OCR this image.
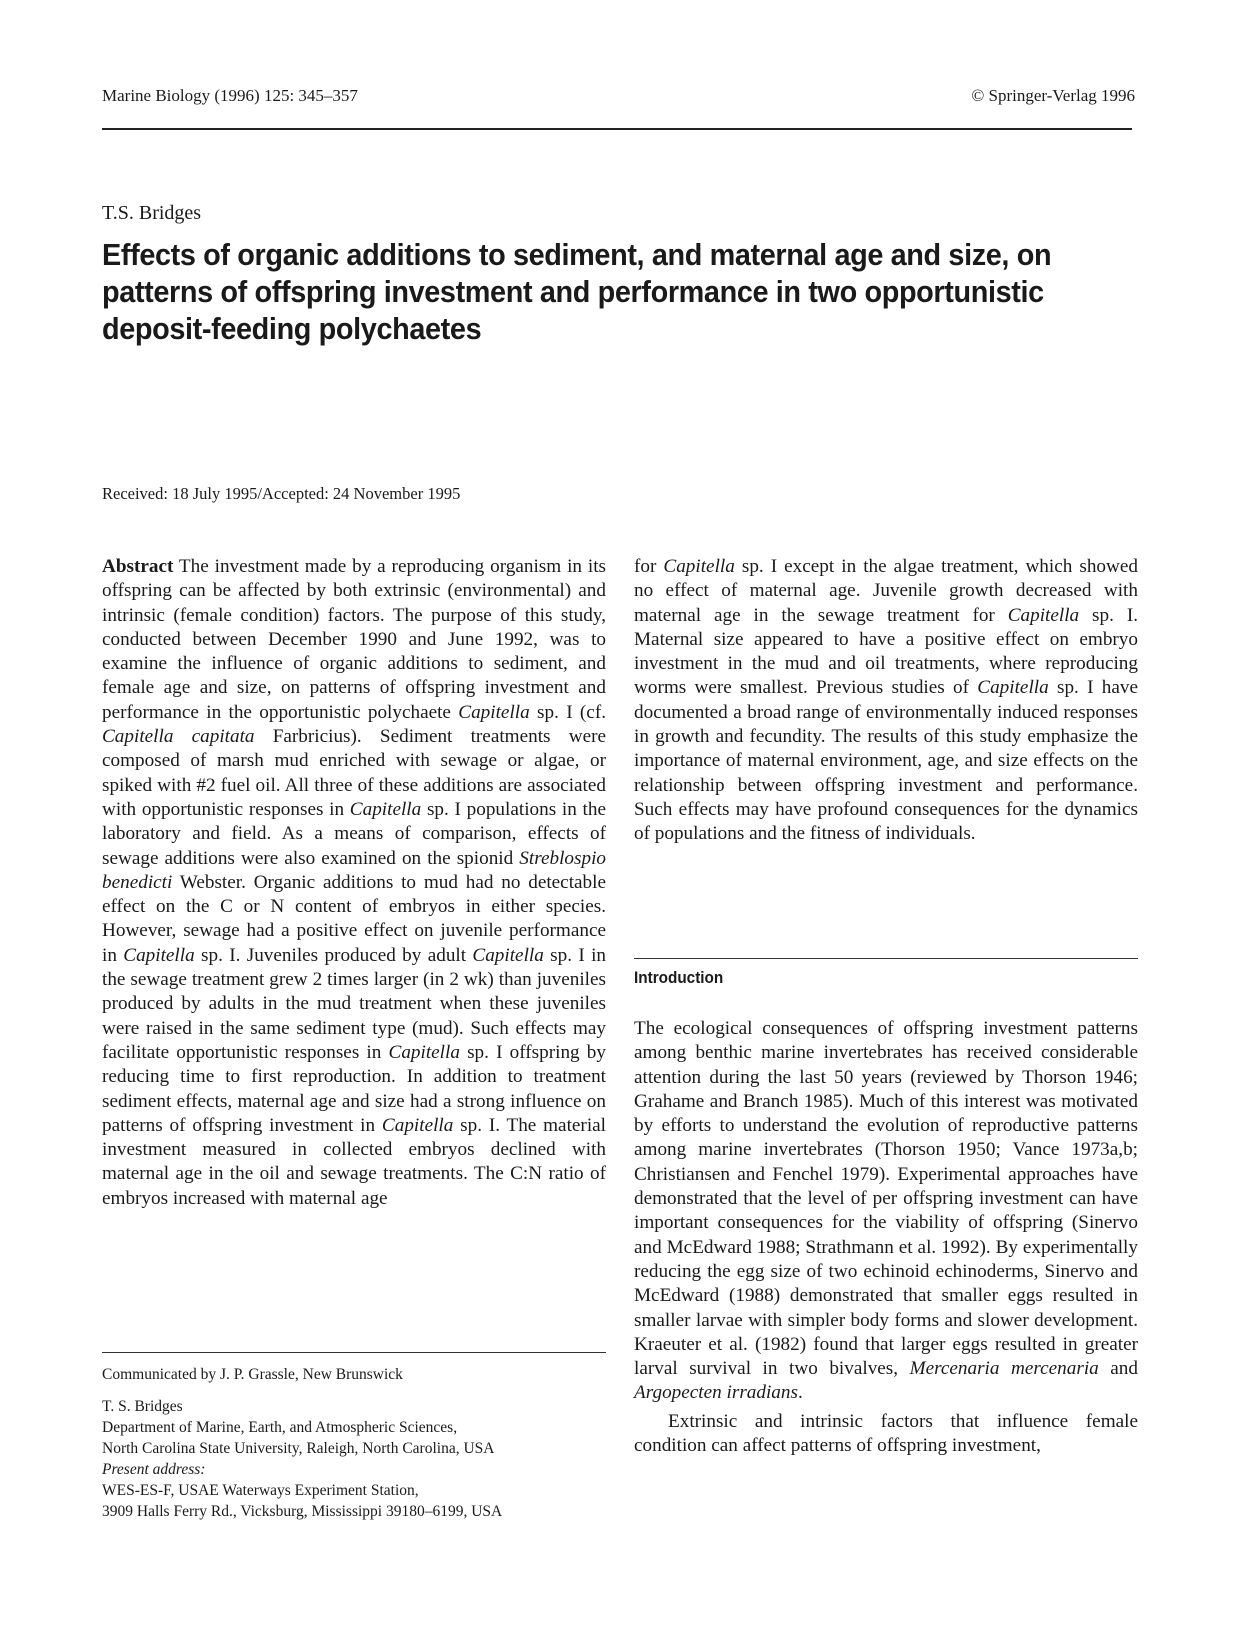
Marine Biology (1996) 125: 345–357	© Springer-Verlag 1996
T.S. Bridges
Effects of organic additions to sediment, and maternal age and size, on patterns of offspring investment and performance in two opportunistic deposit-feeding polychaetes
Received: 18 July 1995/Accepted: 24 November 1995

Abstract The investment made by a reproducing organism in its offspring can be affected by both extrinsic (environmental) and intrinsic (female condition) factors. The purpose of this study, conducted between December 1990 and June 1992, was to examine the influence of organic additions to sediment, and female age and size, on patterns of offspring investment and performance in the opportunistic polychaete Capitella sp. I (cf. Capitella capitata Farbricius). Sediment treatments were composed of marsh mud enriched with sewage or algae, or spiked with #2 fuel oil. All three of these additions are associated with opportunistic responses in Capitella sp. I populations in the laboratory and field. As a means of comparison, effects of sewage additions were also examined on the spionid Streblospio benedicti Webster. Organic additions to mud had no detectable effect on the C or N content of embryos in either species. However, sewage had a positive effect on juvenile performance in Capitella sp. I. Juveniles produced by adult Capitella sp. I in the sewage treatment grew 2 times larger (in 2 wk) than juveniles produced by adults in the mud treatment when these juveniles were raised in the same sediment type (mud). Such effects may facilitate opportunistic responses in Capitella sp. I offspring by reducing time to first reproduction. In addition to treatment sediment effects, maternal age and size had a strong influence on patterns of offspring investment in Capitella sp. I. The material investment measured in collected embryos declined with maternal age in the oil and sewage treatments. The C:N ratio of embryos increased with maternal age

for Capitella sp. I except in the algae treatment, which showed no effect of maternal age. Juvenile growth decreased with maternal age in the sewage treatment for Capitella sp. I. Maternal size appeared to have a positive effect on embryo investment in the mud and oil treatments, where reproducing worms were smallest. Previous studies of Capitella sp. I have documented a broad range of environmentally induced responses in growth and fecundity. The results of this study emphasize the importance of maternal environment, age, and size effects on the relationship between offspring investment and performance. Such effects may have profound consequences for the dynamics of populations and the fitness of individuals.

Introduction

The ecological consequences of offspring investment patterns among benthic marine invertebrates has received considerable attention during the last 50 years (reviewed by Thorson 1946; Grahame and Branch 1985). Much of this interest was motivated by efforts to understand the evolution of reproductive patterns among marine invertebrates (Thorson 1950; Vance 1973a,b; Christiansen and Fenchel 1979). Experimental approaches have demonstrated that the level of per offspring investment can have important consequences for the viability of offspring (Sinervo and McEdward 1988; Strathmann et al. 1992). By experimentally reducing the egg size of two echinoid echinoderms, Sinervo and McEdward (1988) demonstrated that smaller eggs resulted in smaller larvae with simpler body forms and slower development. Kraeuter et al. (1982) found that larger eggs resulted in greater larval survival in two bivalves, Mercenaria mercenaria and Argopecten irradians.

Extrinsic and intrinsic factors that influence female condition can affect patterns of offspring investment,

Communicated by J. P. Grassle, New Brunswick
T. S. Bridges
Department of Marine, Earth, and Atmospheric Sciences,
North Carolina State University, Raleigh, North Carolina, USA
Present address:
WES-ES-F, USAE Waterways Experiment Station,
3909 Halls Ferry Rd., Vicksburg, Mississippi 39180–6199, USA
